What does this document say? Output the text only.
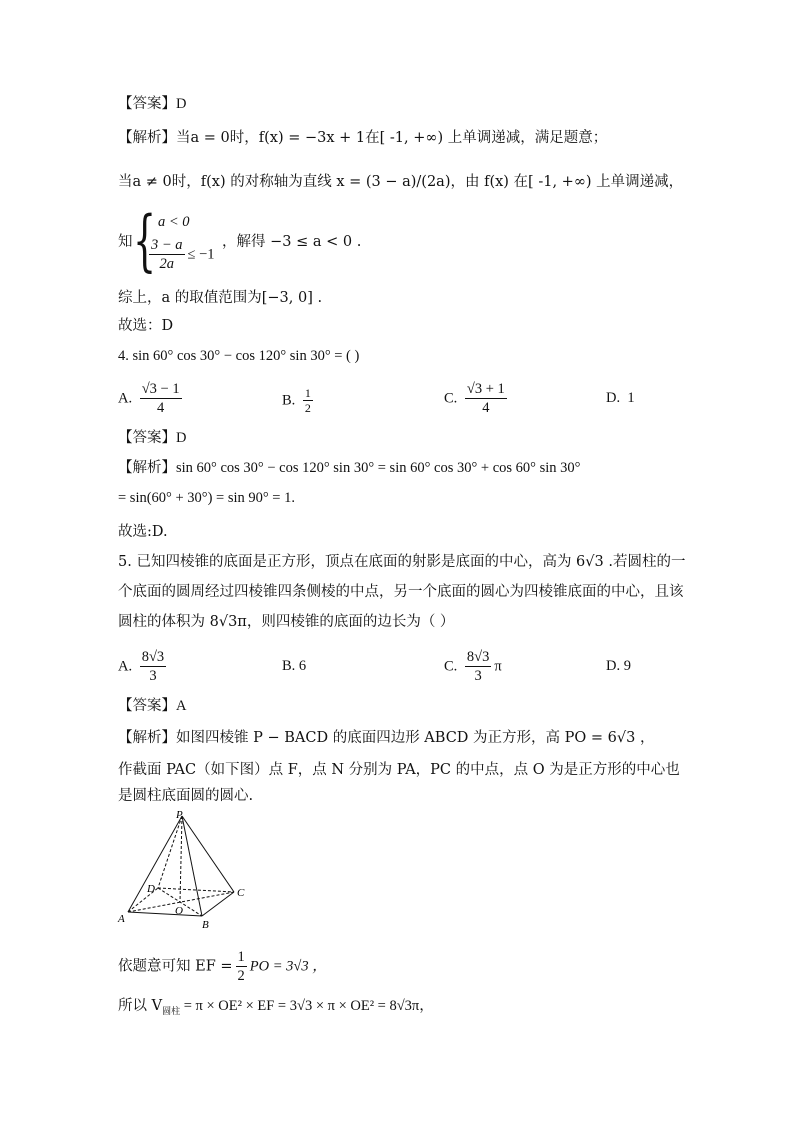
【答案】D
【解析】当a = 0时，f(x) = −3x + 1在[ -1, +∞) 上单调递减，满足题意；
当a ≠ 0时，f(x) 的对称轴为直线 x = (3 − a)/(2a)，由 f(x) 在[ -1, +∞) 上单调递减，
知 { a < 0
$\frac{3 - a}{2a} \le -1$
，解得 −3 ≤ a < 0 .
综上，a 的取值范围为[−3, 0] .
故选：D
4. sin 60° cos 30° − cos 120° sin 30° = ( )
A. $\frac{√3 - 1}{4}$	B. $\frac{1}{2}$	C. $\frac{√3 + 1}{4}$	D. 1
【答案】D
【解析】sin 60° cos 30° − cos 120° sin 30° = sin 60° cos 30° + cos 60° sin 30°
= sin(60° + 30°) = sin 90° = 1.
故选:D.
5. 已知四棱锥的底面是正方形，顶点在底面的射影是底面的中心，高为 6√3 .若圆柱的一
个底面的圆周经过四棱锥四条侧棱的中点，另一个底面的圆心为四棱锥底面的中心，且该
圆柱的体积为 8√3π，则四棱锥的底面的边长为（ ）
A. $\frac{8√3}{3}$	B. 6	C. $\frac{8√3}{3}$ π	D. 9
【答案】A
【解析】如图四棱锥 P − BACD 的底面四边形 ABCD 为正方形，高 PO = 6√3 ，
作截面 PAC（如下图）点 F，点 N 分别为 PA，PC 的中点，点 O 为是正方形的中心也
是圆柱底面圆的圆心.
P
D	C
A
O
B
依题意可知 EF = $\frac{1}{2}$ PO = 3√3 ，
所以 $V_{圆柱} = \pi \times OE^2$ × EF = 3√3 × π × OE² = 8√3π，
